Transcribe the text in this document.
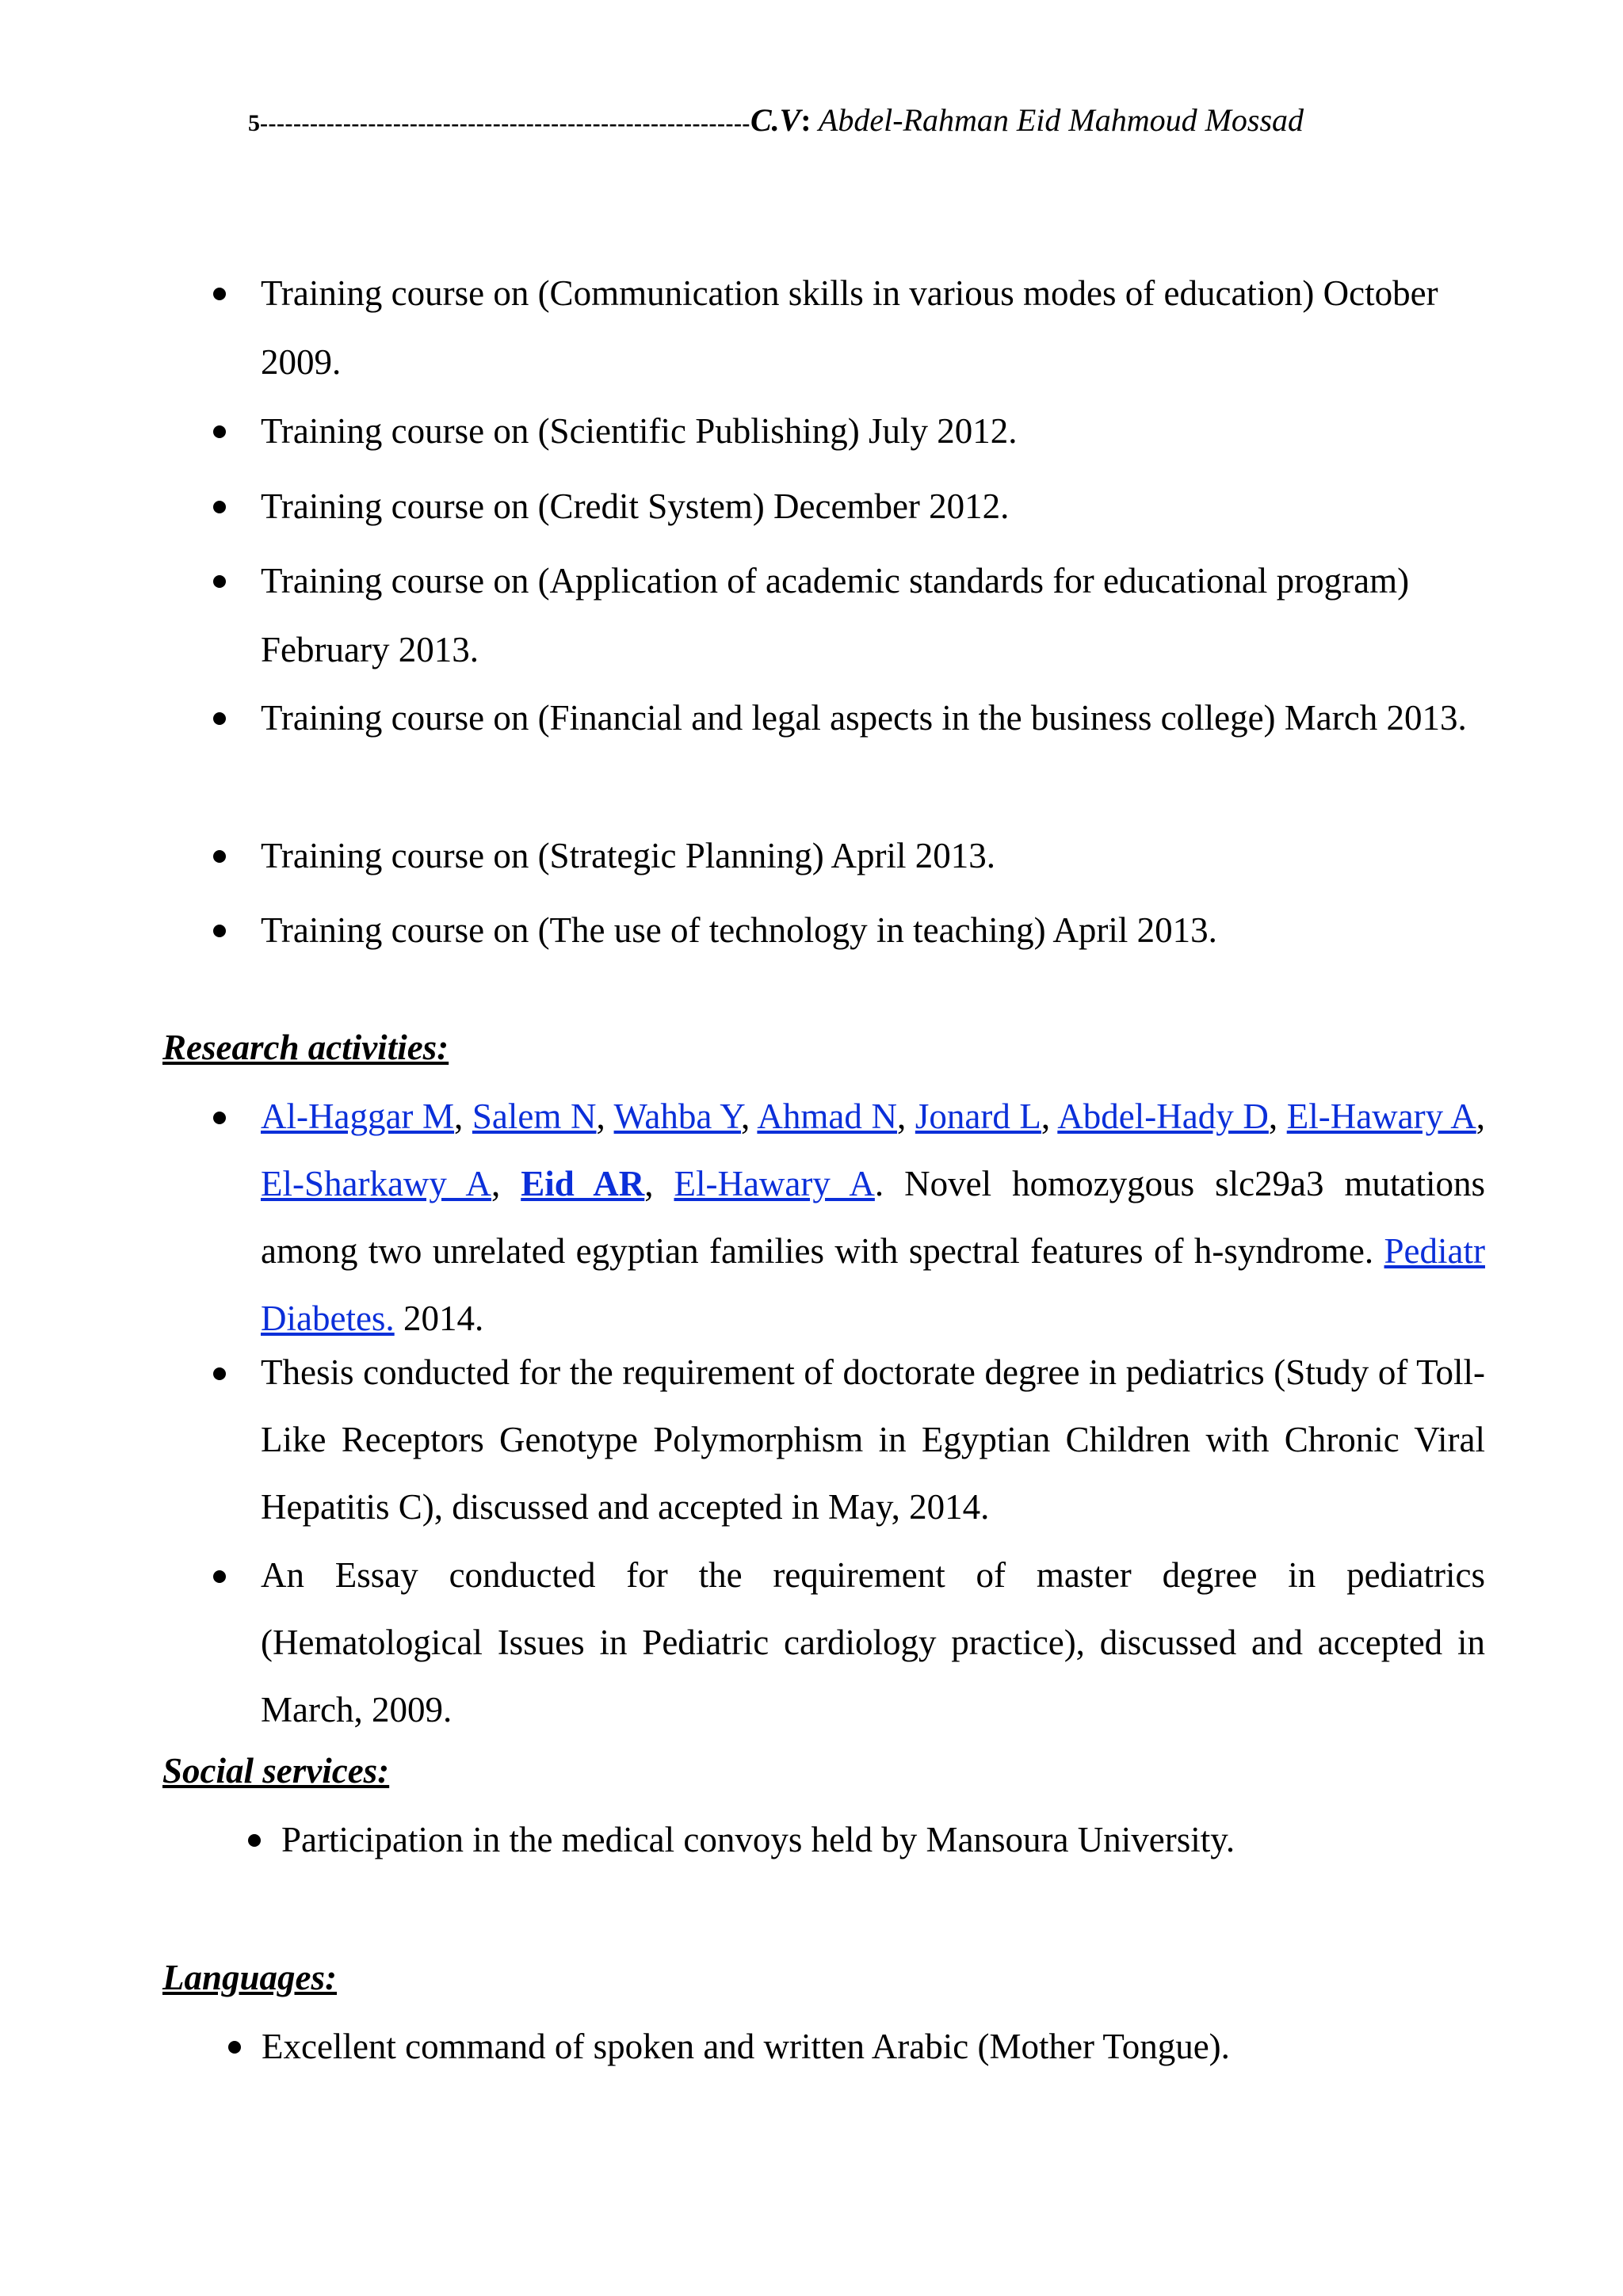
5-----------------------------------------------------------C.V: Abdel-Rahman Eid Mahmoud Mossad
Training course on (Communication skills in various modes of education) October 2009.
Training course on (Scientific Publishing) July 2012.
Training course on (Credit System) December 2012.
Training course on (Application of academic standards for educational program) February 2013.
Training course on (Financial and legal aspects in the business college) March 2013.
Training course on (Strategic Planning) April 2013.
Training course on (The use of technology in teaching) April 2013.
Research activities:
Al-Haggar M, Salem N, Wahba Y, Ahmad N, Jonard L, Abdel-Hady D, El-Hawary A, El-Sharkawy A, Eid AR, El-Hawary A. Novel homozygous slc29a3 mutations among two unrelated egyptian families with spectral features of h-syndrome. Pediatr Diabetes. 2014.
Thesis conducted for the requirement of doctorate degree in pediatrics (Study of Toll-Like Receptors Genotype Polymorphism in Egyptian Children with Chronic Viral Hepatitis C), discussed and accepted in May, 2014.
An Essay conducted for the requirement of master degree in pediatrics (Hematological Issues in Pediatric cardiology practice), discussed and accepted in March, 2009.
Social services:
Participation in the medical convoys held by Mansoura University.
Languages:
Excellent command of spoken and written Arabic (Mother Tongue).
